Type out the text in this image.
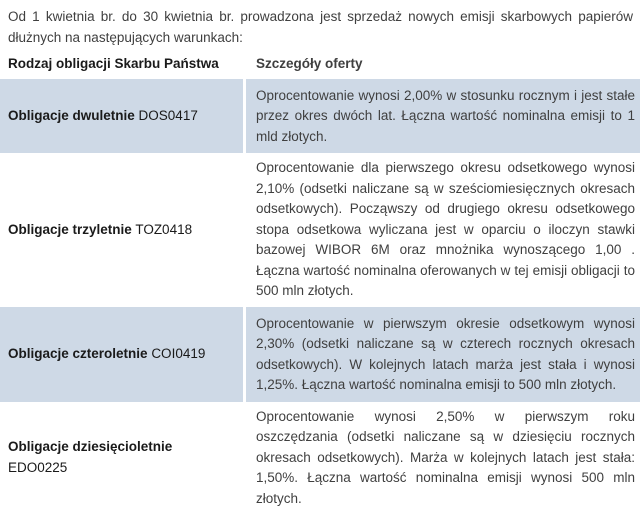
Od 1 kwietnia br. do 30 kwietnia br. prowadzona jest sprzedaż nowych emisji skarbowych papierów dłużnych na następujących warunkach:

Rodzaj obligacji Skarbu Państwa	Szczegóły oferty
Obligacje dwuletnie DOS0417
Oprocentowanie wynosi 2,00% w stosunku rocznym i jest stałe przez okres dwóch lat. Łączna wartość nominalna emisji to 1 mld złotych.
Obligacje trzyletnie TOZ0418
Oprocentowanie dla pierwszego okresu odsetkowego wynosi 2,10% (odsetki naliczane są w sześciomiesięcznych okresach odsetkowych). Począwszy od drugiego okresu odsetkowego stopa odsetkowa wyliczana jest w oparciu o iloczyn stawki bazowej WIBOR 6M oraz mnożnika wynoszącego 1,00 . Łączna wartość nominalna oferowanych w tej emisji obligacji to 500 mln złotych.
Obligacje czteroletnie COI0419
Oprocentowanie w pierwszym okresie odsetkowym wynosi 2,30% (odsetki naliczane są w czterech rocznych okresach odsetkowych). W kolejnych latach marża jest stała i wynosi 1,25%. Łączna wartość nominalna emisji to 500 mln złotych.
Obligacje dziesięcioletnie
EDO0225
Oprocentowanie wynosi 2,50% w pierwszym roku oszczędzania (odsetki naliczane są w dziesięciu rocznych okresach odsetkowych). Marża w kolejnych latach jest stała: 1,50%. Łączna wartość nominalna emisji wynosi 500 mln złotych.
